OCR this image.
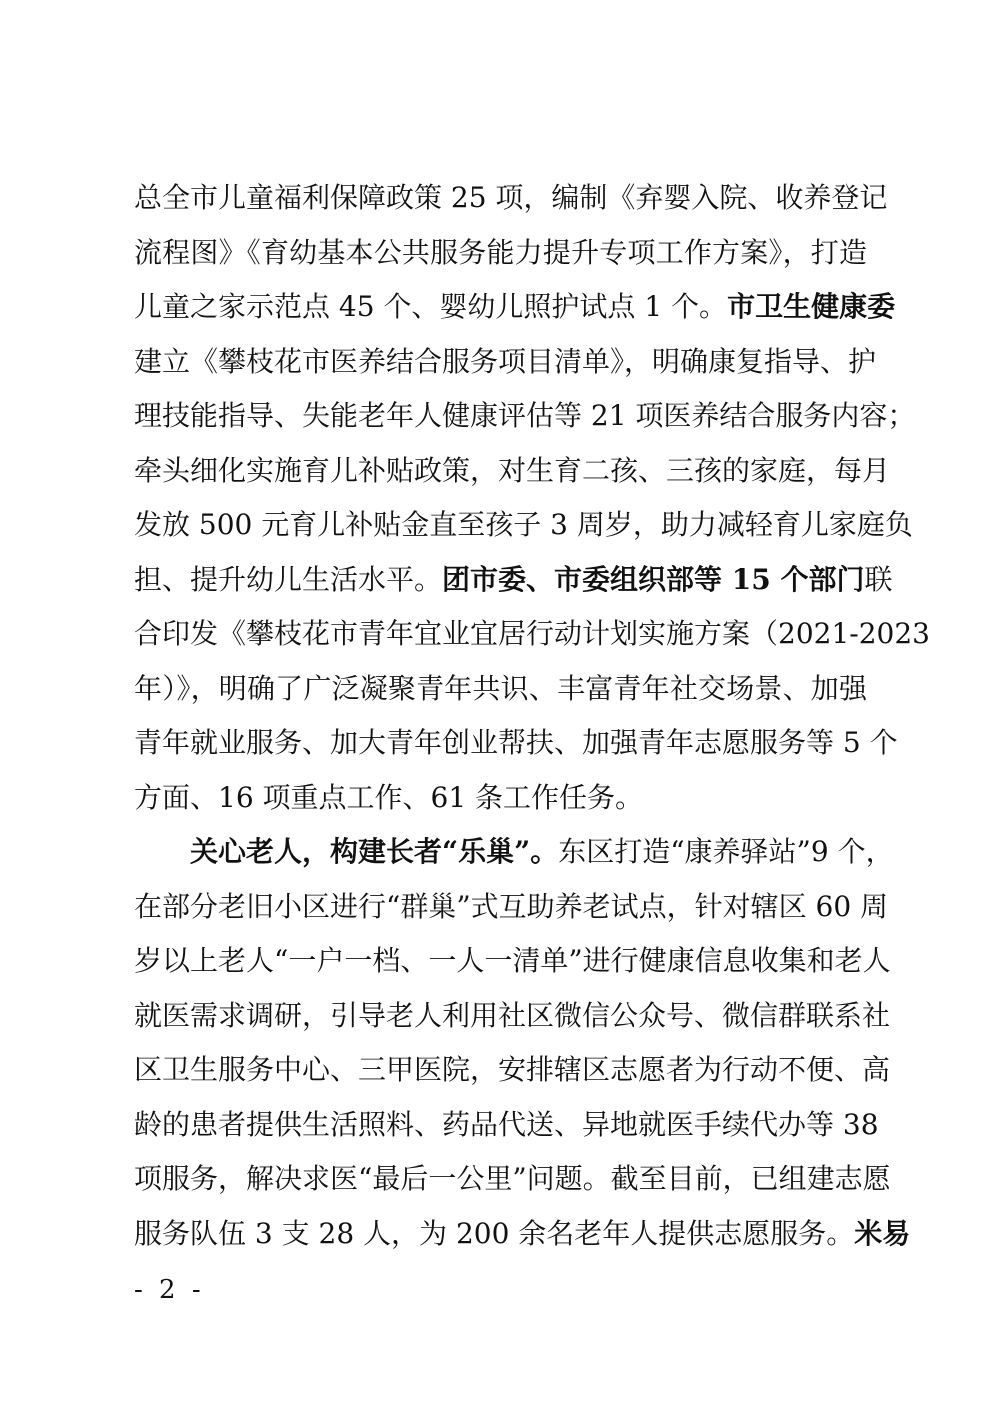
总全市儿童福利保障政策 25 项，编制《弃婴入院、收养登记
流程图》《育幼基本公共服务能力提升专项工作方案》，打造
儿童之家示范点 45 个、婴幼儿照护试点 1 个。市卫生健康委
建立《攀枝花市医养结合服务项目清单》，明确康复指导、护
理技能指导、失能老年人健康评估等 21 项医养结合服务内容；
牵头细化实施育儿补贴政策，对生育二孩、三孩的家庭，每月
发放 500 元育儿补贴金直至孩子 3 周岁，助力减轻育儿家庭负
担、提升幼儿生活水平。团市委、市委组织部等 15 个部门联
合印发《攀枝花市青年宜业宜居行动计划实施方案（2021-2023
年）》，明确了广泛凝聚青年共识、丰富青年社交场景、加强
青年就业服务、加大青年创业帮扶、加强青年志愿服务等 5 个
方面、16 项重点工作、61 条工作任务。
关心老人，构建长者“乐巢”。东区打造“康养驿站”9 个，
在部分老旧小区进行“群巢”式互助养老试点，针对辖区 60 周
岁以上老人“一户一档、一人一清单”进行健康信息收集和老人
就医需求调研，引导老人利用社区微信公众号、微信群联系社
区卫生服务中心、三甲医院，安排辖区志愿者为行动不便、高
龄的患者提供生活照料、药品代送、异地就医手续代办等 38
项服务，解决求医“最后一公里”问题。截至目前，已组建志愿
服务队伍 3 支 28 人，为 200 余名老年人提供志愿服务。米易
- 2 -
